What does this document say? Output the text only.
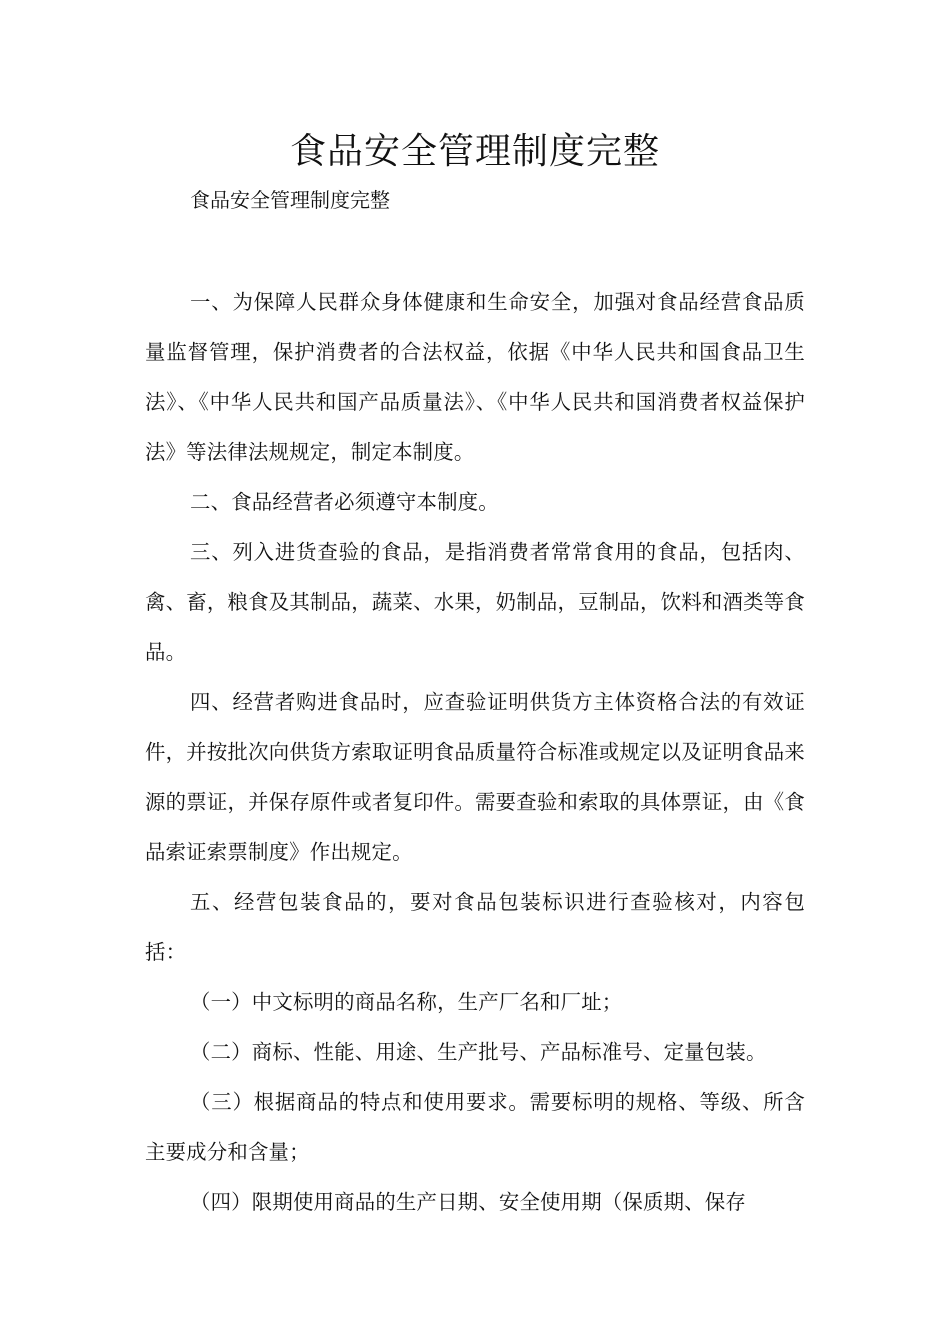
食品安全管理制度完整

食品安全管理制度完整

一、为保障人民群众身体健康和生命安全，加强对食品经营食品质量监督管理，保护消费者的合法权益，依据《中华人民共和国食品卫生法》、《中华人民共和国产品质量法》、《中华人民共和国消费者权益保护法》等法律法规规定，制定本制度。

二、食品经营者必须遵守本制度。

三、列入进货查验的食品，是指消费者常常食用的食品，包括肉、禽、畜，粮食及其制品，蔬菜、水果，奶制品，豆制品，饮料和酒类等食品。

四、经营者购进食品时，应查验证明供货方主体资格合法的有效证件，并按批次向供货方索取证明食品质量符合标准或规定以及证明食品来源的票证，并保存原件或者复印件。需要查验和索取的具体票证，由《食品索证索票制度》作出规定。

五、经营包装食品的，要对食品包装标识进行查验核对，内容包括：

（一）中文标明的商品名称，生产厂名和厂址；

（二）商标、性能、用途、生产批号、产品标准号、定量包装。

（三）根据商品的特点和使用要求。需要标明的规格、等级、所含主要成分和含量；

（四）限期使用商品的生产日期、安全使用期（保质期、保存
